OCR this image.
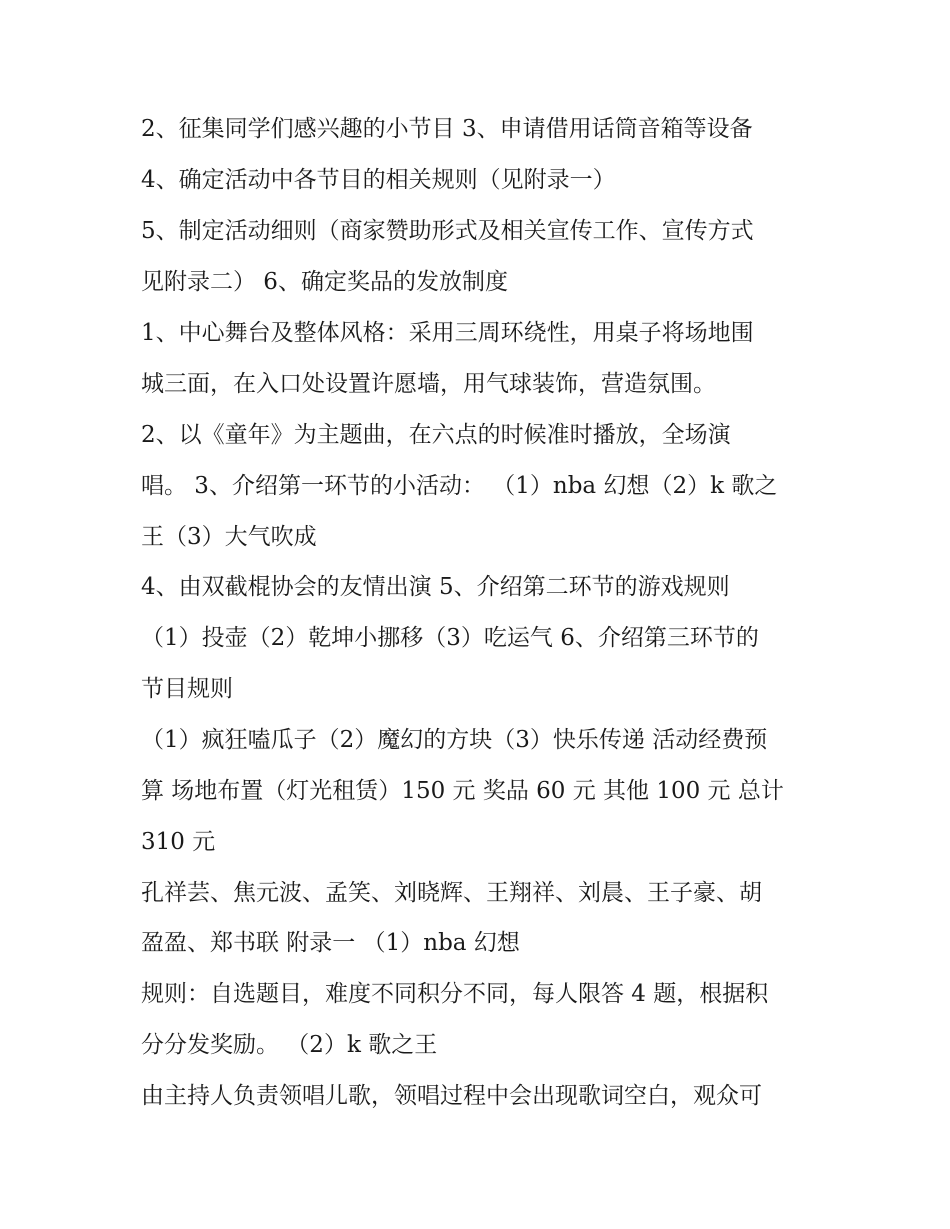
2、征集同学们感兴趣的小节目 3、申请借用话筒音箱等设备
4、确定活动中各节目的相关规则（见附录一）
5、制定活动细则（商家赞助形式及相关宣传工作、宣传方式
见附录二） 6、确定奖品的发放制度
1、中心舞台及整体风格：采用三周环绕性，用桌子将场地围
城三面，在入口处设置许愿墙，用气球装饰，营造氛围。
2、以《童年》为主题曲，在六点的时候准时播放，全场演
唱。 3、介绍第一环节的小活动： （1）nba 幻想（2）k 歌之
王（3）大气吹成
4、由双截棍协会的友情出演 5、介绍第二环节的游戏规则
（1）投壶（2）乾坤小挪移（3）吃运气 6、介绍第三环节的
节目规则
（1）疯狂嗑瓜子（2）魔幻的方块（3）快乐传递 活动经费预
算 场地布置（灯光租赁）150 元 奖品 60 元 其他 100 元 总计
310 元
孔祥芸、焦元波、孟笑、刘晓辉、王翔祥、刘晨、王子豪、胡
盈盈、郑书联 附录一 （1）nba 幻想
规则：自选题目，难度不同积分不同，每人限答 4 题，根据积
分分发奖励。 （2）k 歌之王
由主持人负责领唱儿歌，领唱过程中会出现歌词空白，观众可
